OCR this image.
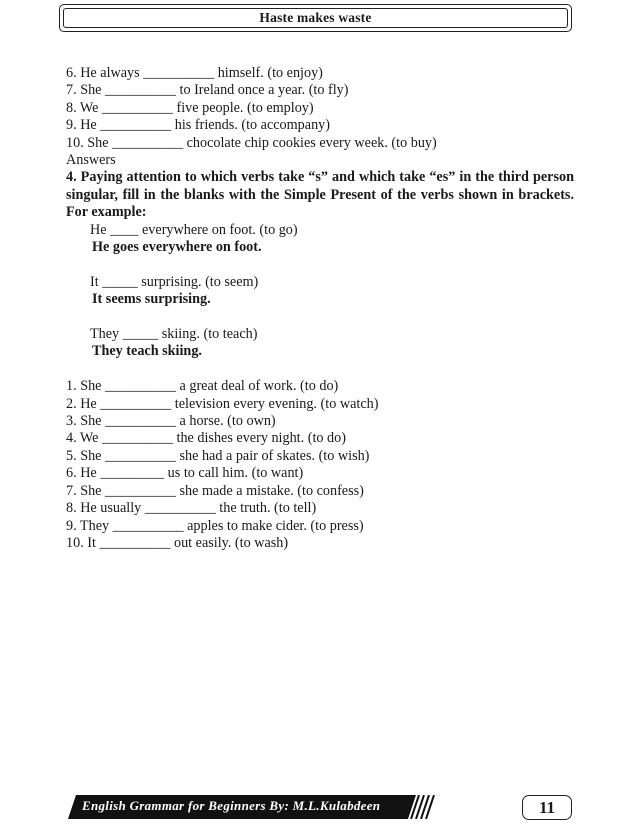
Haste makes waste
6. He always __________ himself. (to enjoy)
7. She __________ to Ireland once a year. (to fly)
8. We __________ five people. (to employ)
9. He __________ his friends. (to accompany)
10. She __________ chocolate chip cookies every week. (to buy)
Answers
4. Paying attention to which verbs take “s” and which take “es” in the third person singular, fill in the blanks with the Simple Present of the verbs shown in brackets. For example:
He ____ everywhere on foot. (to go)
He goes everywhere on foot.
It _____ surprising. (to seem)
It seems surprising.
They _____ skiing. (to teach)
They teach skiing.
1. She __________ a great deal of work. (to do)
2. He __________ television every evening. (to watch)
3. She __________ a horse. (to own)
4. We __________ the dishes every night. (to do)
5. She __________ she had a pair of skates. (to wish)
6. He _________ us to call him. (to want)
7. She __________ she made a mistake. (to confess)
8. He usually __________ the truth. (to tell)
9. They __________ apples to make cider. (to press)
10. It __________ out easily. (to wash)
English Grammar for Beginners By: M.L.Kulabdeen	11
